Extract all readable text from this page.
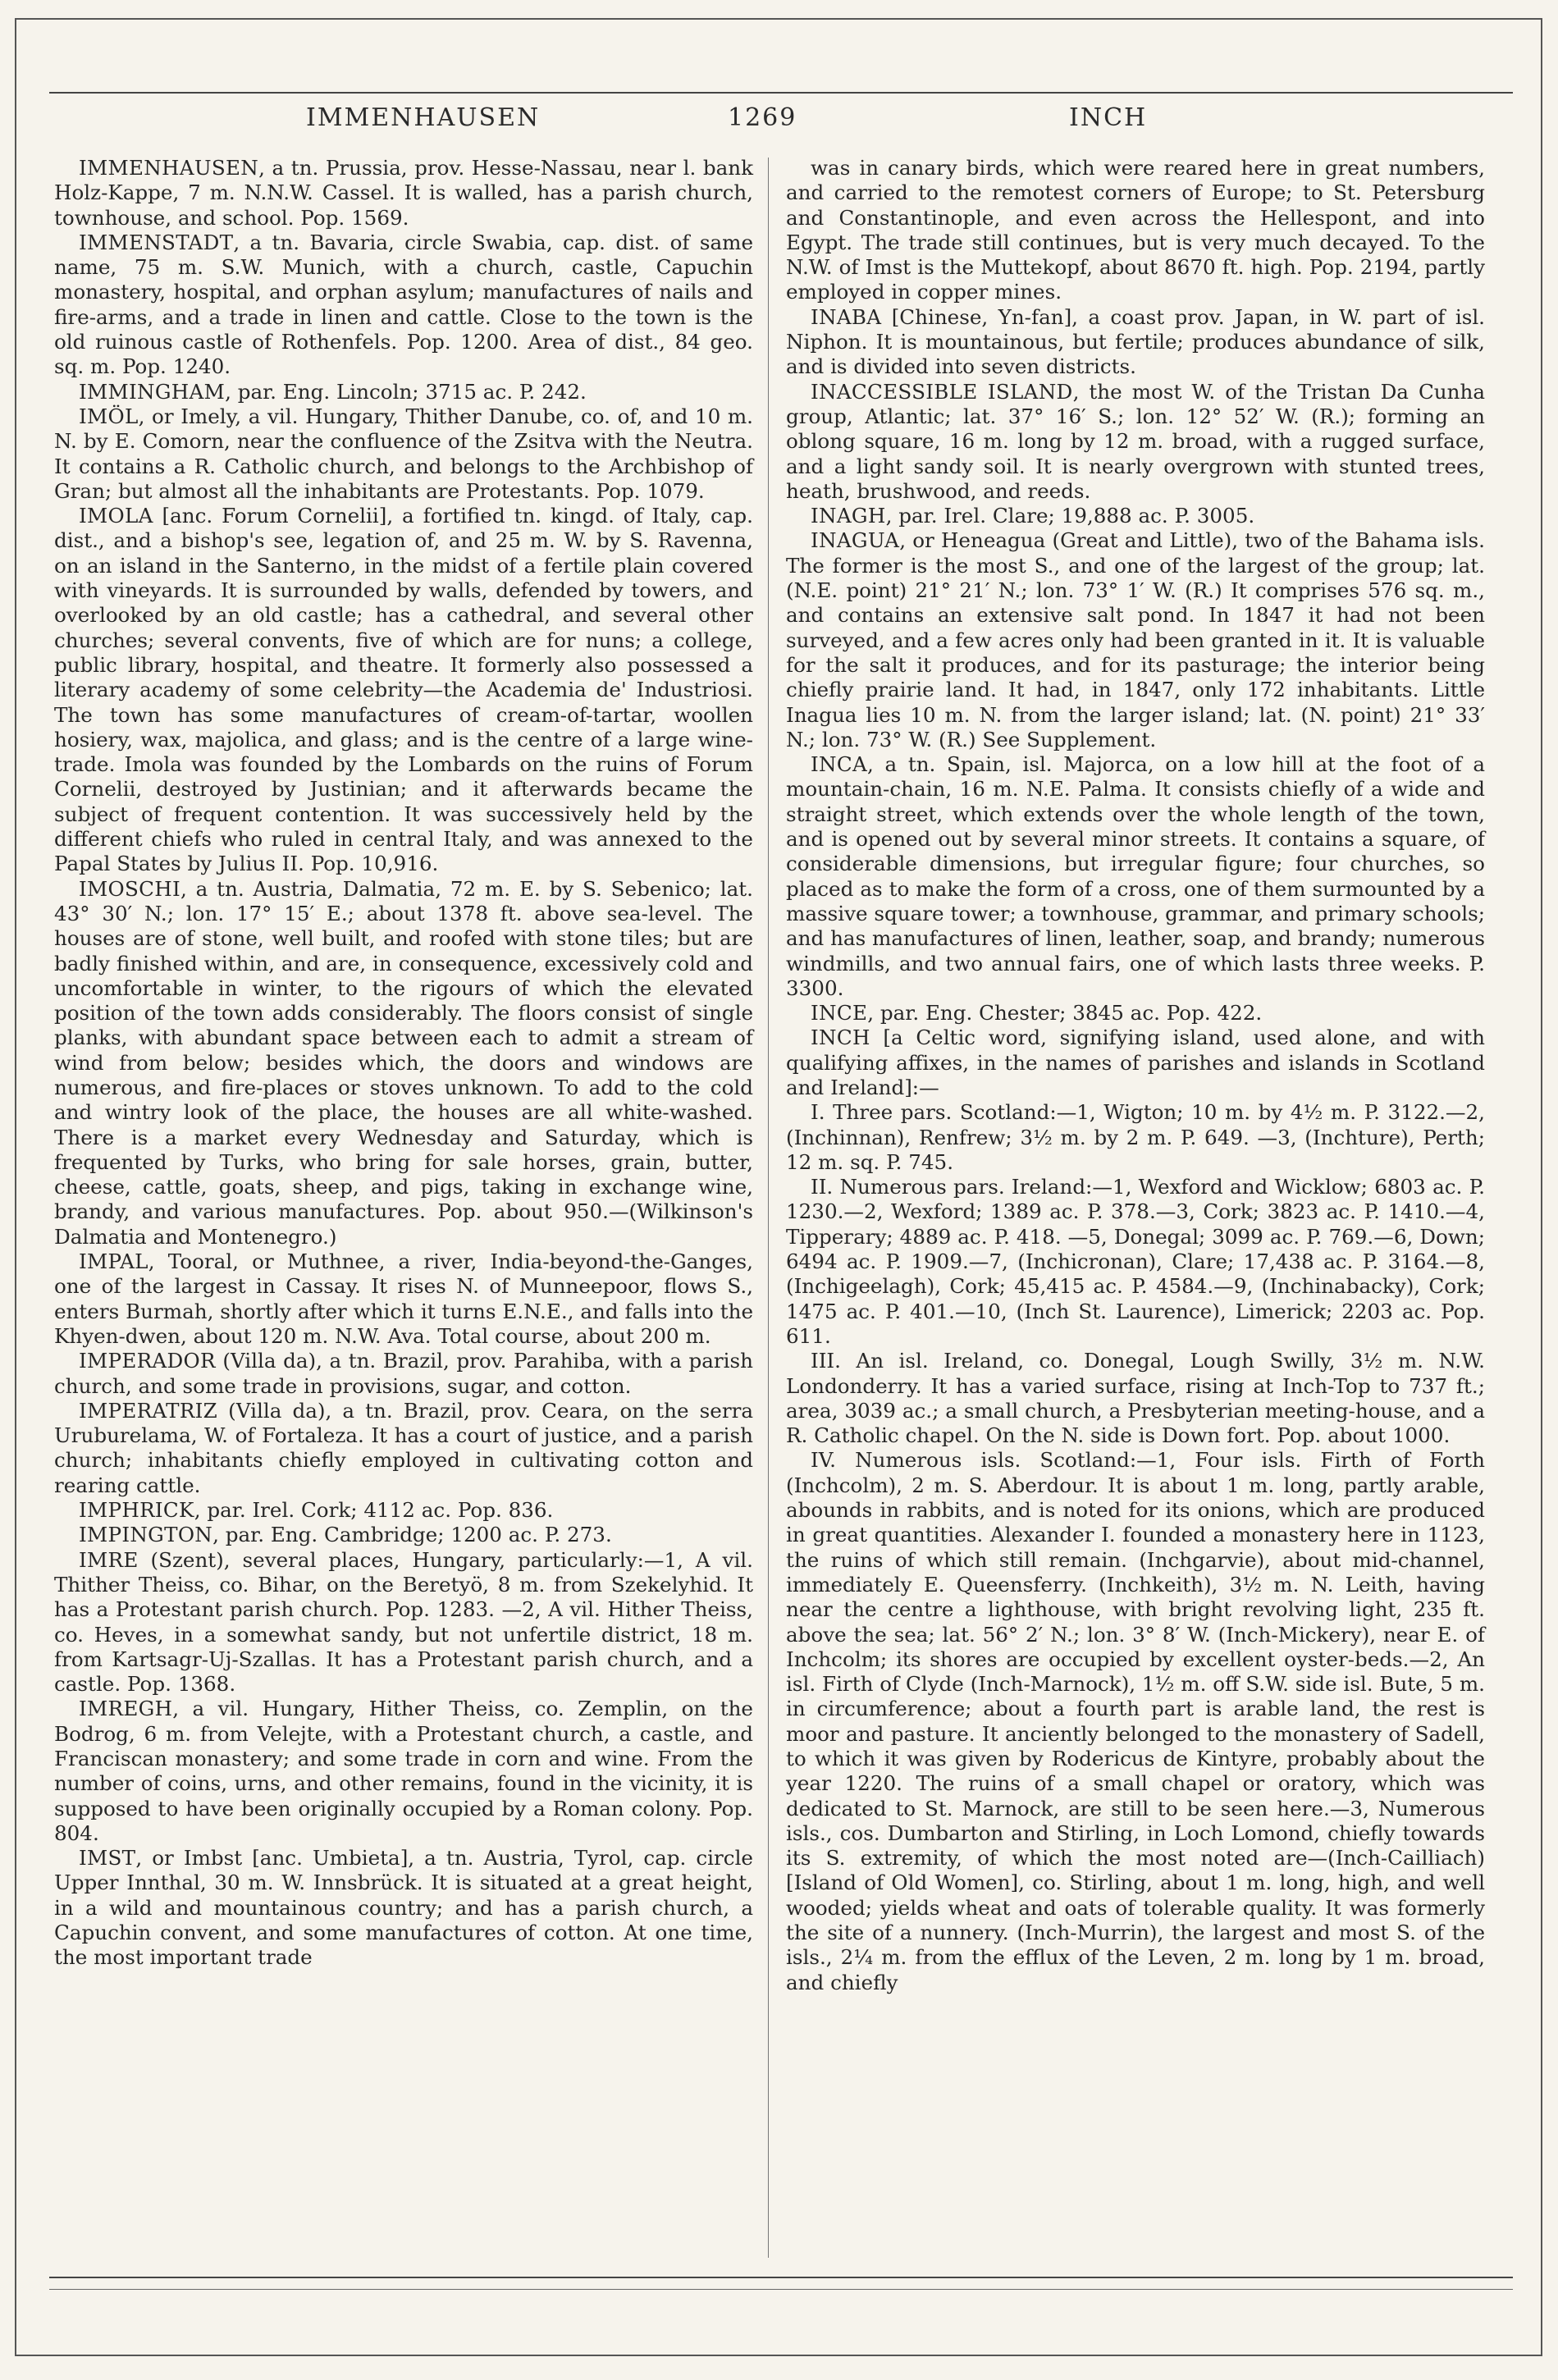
IMMENHAUSEN	1269	INCH

IMMENHAUSEN, a tn. Prussia, prov. Hesse-Nassau, near l. bank Holz-Kappe, 7 m. N.N.W. Cassel. It is walled, has a parish church, townhouse, and school. Pop. 1569.

IMMENSTADT, a tn. Bavaria, circle Swabia, cap. dist. of same name, 75 m. S.W. Munich, with a church, castle, Capuchin monastery, hospital, and orphan asylum; manufactures of nails and fire-arms, and a trade in linen and cattle. Close to the town is the old ruinous castle of Rothenfels. Pop. 1200. Area of dist., 84 geo. sq. m. Pop. 1240.

IMMINGHAM, par. Eng. Lincoln; 3715 ac. P. 242.

IMÖL, or Imely, a vil. Hungary, Thither Danube, co. of, and 10 m. N. by E. Comorn, near the confluence of the Zsitva with the Neutra. It contains a R. Catholic church, and belongs to the Archbishop of Gran; but almost all the inhabitants are Protestants. Pop. 1079.

IMOLA [anc. Forum Cornelii], a fortified tn. kingd. of Italy, cap. dist., and a bishop's see, legation of, and 25 m. W. by S. Ravenna, on an island in the Santerno, in the midst of a fertile plain covered with vineyards. It is surrounded by walls, defended by towers, and overlooked by an old castle; has a cathedral, and several other churches; several convents, five of which are for nuns; a college, public library, hospital, and theatre. It formerly also possessed a literary academy of some celebrity—the Academia de' Industriosi. The town has some manufactures of cream-of-tartar, woollen hosiery, wax, majolica, and glass; and is the centre of a large wine-trade. Imola was founded by the Lombards on the ruins of Forum Cornelii, destroyed by Justinian; and it afterwards became the subject of frequent contention. It was successively held by the different chiefs who ruled in central Italy, and was annexed to the Papal States by Julius II. Pop. 10,916.

IMOSCHI, a tn. Austria, Dalmatia, 72 m. E. by S. Sebenico; lat. 43° 30′ N.; lon. 17° 15′ E.; about 1378 ft. above sea-level. The houses are of stone, well built, and roofed with stone tiles; but are badly finished within, and are, in consequence, excessively cold and uncomfortable in winter, to the rigours of which the elevated position of the town adds considerably. The floors consist of single planks, with abundant space between each to admit a stream of wind from below; besides which, the doors and windows are numerous, and fire-places or stoves unknown. To add to the cold and wintry look of the place, the houses are all white-washed. There is a market every Wednesday and Saturday, which is frequented by Turks, who bring for sale horses, grain, butter, cheese, cattle, goats, sheep, and pigs, taking in exchange wine, brandy, and various manufactures. Pop. about 950.—(Wilkinson's Dalmatia and Montenegro.)

IMPAL, Tooral, or Muthnee, a river, India-beyond-the-Ganges, one of the largest in Cassay. It rises N. of Munneepoor, flows S., enters Burmah, shortly after which it turns E.N.E., and falls into the Khyen-dwen, about 120 m. N.W. Ava. Total course, about 200 m.

IMPERADOR (Villa da), a tn. Brazil, prov. Parahiba, with a parish church, and some trade in provisions, sugar, and cotton.

IMPERATRIZ (Villa da), a tn. Brazil, prov. Ceara, on the serra Uruburelama, W. of Fortaleza. It has a court of justice, and a parish church; inhabitants chiefly employed in cultivating cotton and rearing cattle.

IMPHRICK, par. Irel. Cork; 4112 ac. Pop. 836.

IMPINGTON, par. Eng. Cambridge; 1200 ac. P. 273.

IMRE (Szent), several places, Hungary, particularly:—1, A vil. Thither Theiss, co. Bihar, on the Beretyö, 8 m. from Szekelyhid. It has a Protestant parish church. Pop. 1283. —2, A vil. Hither Theiss, co. Heves, in a somewhat sandy, but not unfertile district, 18 m. from Kartsagr-Uj-Szallas. It has a Protestant parish church, and a castle. Pop. 1368.

IMREGH, a vil. Hungary, Hither Theiss, co. Zemplin, on the Bodrog, 6 m. from Velejte, with a Protestant church, a castle, and Franciscan monastery; and some trade in corn and wine. From the number of coins, urns, and other remains, found in the vicinity, it is supposed to have been originally occupied by a Roman colony. Pop. 804.

IMST, or Imbst [anc. Umbieta], a tn. Austria, Tyrol, cap. circle Upper Innthal, 30 m. W. Innsbrück. It is situated at a great height, in a wild and mountainous country; and has a parish church, a Capuchin convent, and some manufactures of cotton. At one time, the most important trade

was in canary birds, which were reared here in great numbers, and carried to the remotest corners of Europe; to St. Petersburg and Constantinople, and even across the Hellespont, and into Egypt. The trade still continues, but is very much decayed. To the N.W. of Imst is the Muttekopf, about 8670 ft. high. Pop. 2194, partly employed in copper mines.

INABA [Chinese, Yn-fan], a coast prov. Japan, in W. part of isl. Niphon. It is mountainous, but fertile; produces abundance of silk, and is divided into seven districts.

INACCESSIBLE ISLAND, the most W. of the Tristan Da Cunha group, Atlantic; lat. 37° 16′ S.; lon. 12° 52′ W. (R.); forming an oblong square, 16 m. long by 12 m. broad, with a rugged surface, and a light sandy soil. It is nearly overgrown with stunted trees, heath, brushwood, and reeds.

INAGH, par. Irel. Clare; 19,888 ac. P. 3005.

INAGUA, or Heneagua (Great and Little), two of the Bahama isls. The former is the most S., and one of the largest of the group; lat. (N.E. point) 21° 21′ N.; lon. 73° 1′ W. (R.) It comprises 576 sq. m., and contains an extensive salt pond. In 1847 it had not been surveyed, and a few acres only had been granted in it. It is valuable for the salt it produces, and for its pasturage; the interior being chiefly prairie land. It had, in 1847, only 172 inhabitants. Little Inagua lies 10 m. N. from the larger island; lat. (N. point) 21° 33′ N.; lon. 73° W. (R.) See Supplement.

INCA, a tn. Spain, isl. Majorca, on a low hill at the foot of a mountain-chain, 16 m. N.E. Palma. It consists chiefly of a wide and straight street, which extends over the whole length of the town, and is opened out by several minor streets. It contains a square, of considerable dimensions, but irregular figure; four churches, so placed as to make the form of a cross, one of them surmounted by a massive square tower; a townhouse, grammar, and primary schools; and has manufactures of linen, leather, soap, and brandy; numerous windmills, and two annual fairs, one of which lasts three weeks. P. 3300.

INCE, par. Eng. Chester; 3845 ac. Pop. 422.

INCH [a Celtic word, signifying island, used alone, and with qualifying affixes, in the names of parishes and islands in Scotland and Ireland]:—

I. Three pars. Scotland:—1, Wigton; 10 m. by 4½ m. P. 3122.—2, (Inchinnan), Renfrew; 3½ m. by 2 m. P. 649. —3, (Inchture), Perth; 12 m. sq. P. 745.

II. Numerous pars. Ireland:—1, Wexford and Wicklow; 6803 ac. P. 1230.—2, Wexford; 1389 ac. P. 378.—3, Cork; 3823 ac. P. 1410.—4, Tipperary; 4889 ac. P. 418. —5, Donegal; 3099 ac. P. 769.—6, Down; 6494 ac. P. 1909.—7, (Inchicronan), Clare; 17,438 ac. P. 3164.—8, (Inchigeelagh), Cork; 45,415 ac. P. 4584.—9, (Inchinabacky), Cork; 1475 ac. P. 401.—10, (Inch St. Laurence), Limerick; 2203 ac. Pop. 611.

III. An isl. Ireland, co. Donegal, Lough Swilly, 3½ m. N.W. Londonderry. It has a varied surface, rising at Inch-Top to 737 ft.; area, 3039 ac.; a small church, a Presbyterian meeting-house, and a R. Catholic chapel. On the N. side is Down fort. Pop. about 1000.

IV. Numerous isls. Scotland:—1, Four isls. Firth of Forth (Inchcolm), 2 m. S. Aberdour. It is about 1 m. long, partly arable, abounds in rabbits, and is noted for its onions, which are produced in great quantities. Alexander I. founded a monastery here in 1123, the ruins of which still remain. (Inchgarvie), about mid-channel, immediately E. Queensferry. (Inchkeith), 3½ m. N. Leith, having near the centre a lighthouse, with bright revolving light, 235 ft. above the sea; lat. 56° 2′ N.; lon. 3° 8′ W. (Inch-Mickery), near E. of Inchcolm; its shores are occupied by excellent oyster-beds.—2, An isl. Firth of Clyde (Inch-Marnock), 1½ m. off S.W. side isl. Bute, 5 m. in circumference; about a fourth part is arable land, the rest is moor and pasture. It anciently belonged to the monastery of Sadell, to which it was given by Rodericus de Kintyre, probably about the year 1220. The ruins of a small chapel or oratory, which was dedicated to St. Marnock, are still to be seen here.—3, Numerous isls., cos. Dumbarton and Stirling, in Loch Lomond, chiefly towards its S. extremity, of which the most noted are—(Inch-Cailliach) [Island of Old Women], co. Stirling, about 1 m. long, high, and well wooded; yields wheat and oats of tolerable quality. It was formerly the site of a nunnery. (Inch-Murrin), the largest and most S. of the isls., 2¼ m. from the efflux of the Leven, 2 m. long by 1 m. broad, and chiefly
